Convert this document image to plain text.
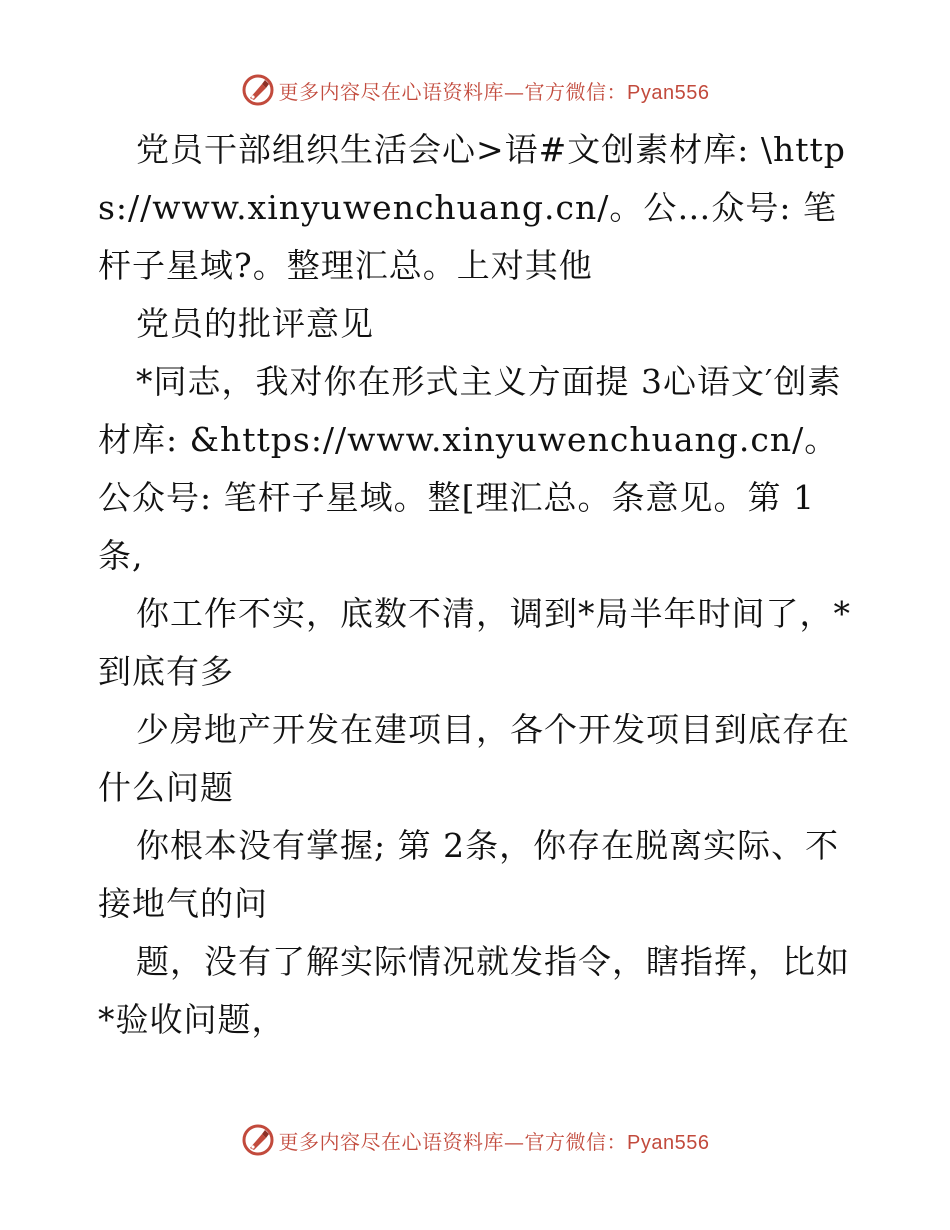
更多内容尽在心语资料库—官方微信：Pyan556

党员干部组织生活会心>语#文创素材库: \https://www.xinyuwenchuang.cn/。公…众号: 笔杆子星域?。整理汇总。上对其他

党员的批评意见

*同志，我对你在形式主义方面提 3心语文′创素材库: &https://www.xinyuwenchuang.cn/。公众号: 笔杆子星域。整[理汇总。条意见。第 1 条,

你工作不实，底数不清，调到*局半年时间了，*到底有多

少房地产开发在建项目，各个开发项目到底存在什么问题

你根本没有掌握; 第 2条，你存在脱离实际、不接地气的问

题，没有了解实际情况就发指令，瞎指挥，比如*验收问题，

更多内容尽在心语资料库—官方微信：Pyan556
